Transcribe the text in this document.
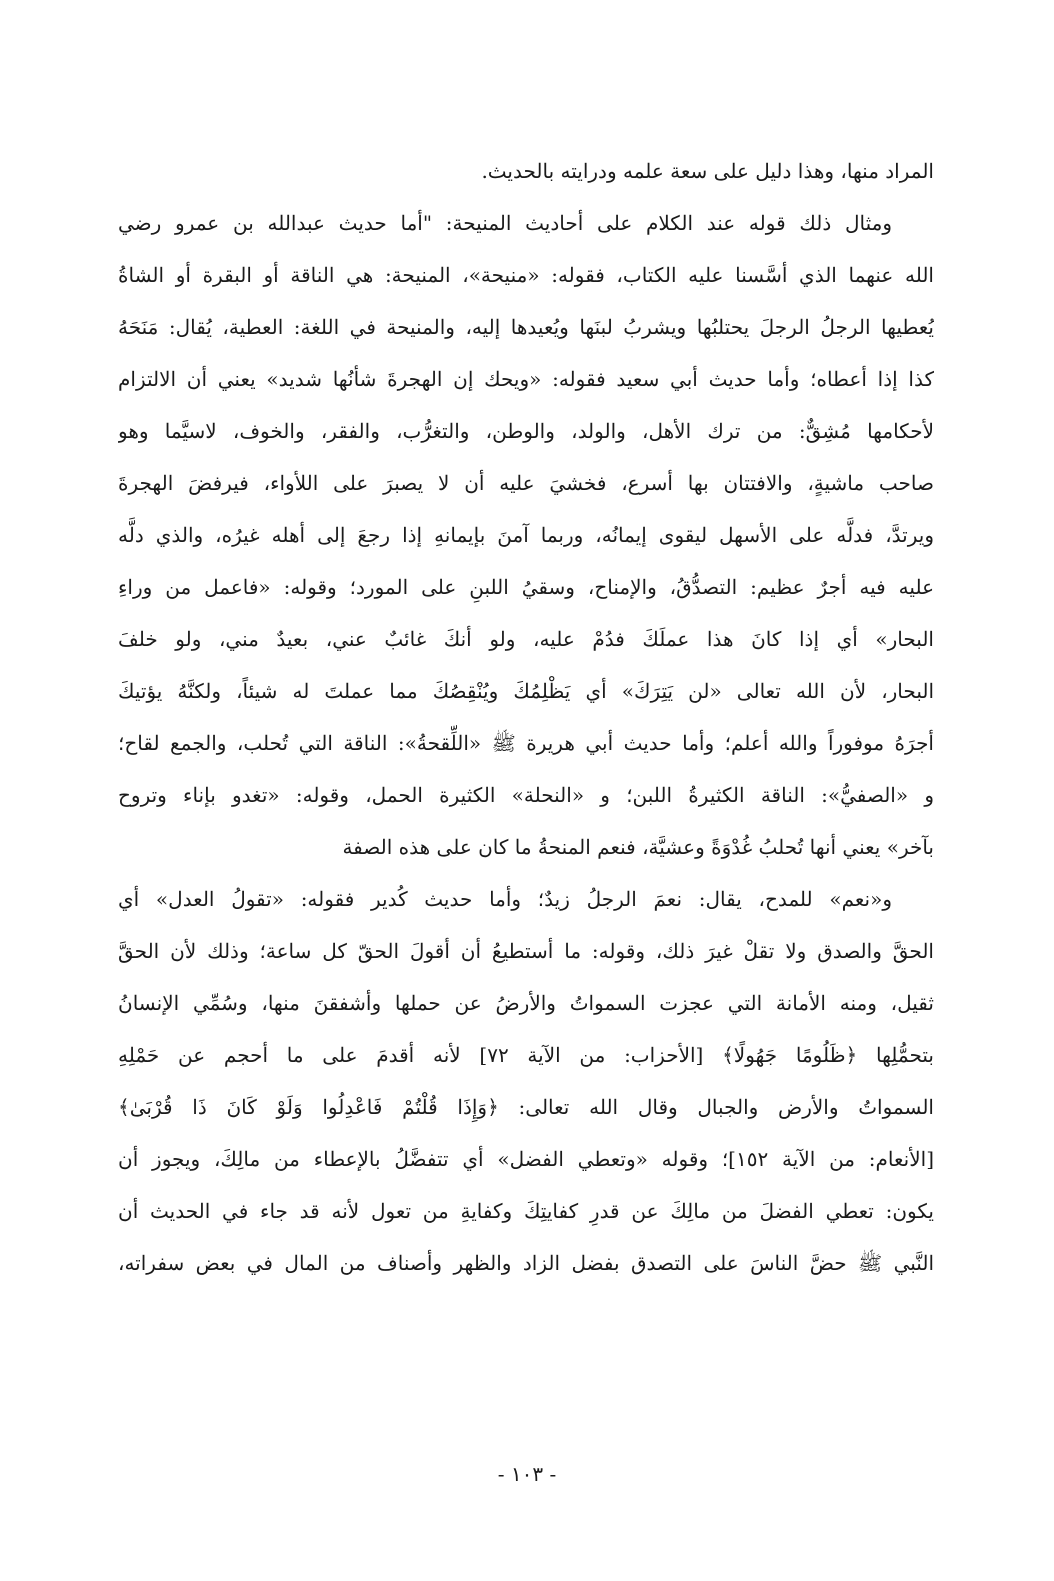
المراد منها، وهذا دليل على سعة علمه ودرايته بالحديث.
ومثال ذلك قوله عند الكلام على أحاديث المنيحة: "أما حديث عبدالله بن عمرو رضي
الله عنهما الذي أسَّسنا عليه الكتاب، فقوله: «منيحة»، المنيحة: هي الناقة أو البقرة أو الشاةُ
يُعطيها الرجلُ الرجلَ يحتلبُها ويشربُ لبنَها ويُعيدها إليه، والمنيحة في اللغة: العطية، يُقال: مَنَحَهُ
كذا إذا أعطاه؛ وأما حديث أبي سعيد فقوله: «ويحك إن الهجرةَ شأنُها شديد» يعني أن الالتزام
لأحكامها مُشِقٌّ: من ترك الأهل، والولد، والوطن، والتغرُّب، والفقر، والخوف، لاسيَّما وهو
صاحب ماشيةٍ، والافتتان بها أسرع، فخشيَ عليه أن لا يصبرَ على اللأواء، فيرفضَ الهجرةَ
ويرتدَّ، فدلَّه على الأسهل ليقوى إيمانُه، وربما آمنَ بإيمانهِ إذا رجعَ إلى أهله غيرُه، والذي دلَّه
عليه فيه أجرٌ عظيم: التصدُّقُ، والإمناح، وسقيُ اللبنِ على المورد؛ وقوله: «فاعمل من وراءِ
البحار» أي إذا كانَ هذا عملَكَ فدُمْ عليه، ولو أنكَ غائبٌ عني، بعيدٌ مني، ولو خلفَ
البحار، لأن الله تعالى «لن يَتِرَكَ» أي يَظْلِمُكَ ويُنْقِصُكَ مما عملتَ له شيئاً، ولكنَّهُ يؤتيكَ
أجرَهُ موفوراً والله أعلم؛ وأما حديث أبي هريرة ﷺ «اللِّقحةُ»: الناقة التي تُحلب، والجمع لقاح؛
و «الصفيُّ»: الناقة الكثيرةُ اللبن؛ و «النحلة» الكثيرة الحمل، وقوله: «تغدو بإناء وتروح
بآخر» يعني أنها تُحلبُ غُدْوَةً وعشيَّة، فنعم المنحةُ ما كان على هذه الصفة
و«نعم» للمدح، يقال: نعمَ الرجلُ زيدٌ؛ وأما حديث كُدير فقوله: «تقولُ العدل» أي
الحقَّ والصدق ولا تقلْ غيرَ ذلك، وقوله: ما أستطيعُ أن أقولَ الحقّ كل ساعة؛ وذلك لأن الحقَّ
ثقيل، ومنه الأمانة التي عجزت السمواتُ والأرضُ عن حملها وأشفقنَ منها، وسُمِّي الإنسانُ
بتحمُّلِها ﴿ظَلُومًا جَهُولًا﴾ [الأحزاب: من الآية ٧٢] لأنه أقدمَ على ما أحجم عن حَمْلِهِ
السمواتُ والأرض والجبال وقال الله تعالى: ﴿وَإِذَا قُلْتُمْ فَاعْدِلُوا وَلَوْ كَانَ ذَا قُرْبَىٰ﴾
[الأنعام: من الآية ١٥٢]؛ وقوله «وتعطي الفضل» أي تتفضَّلُ بالإعطاء من مالِكَ، ويجوز أن
يكون: تعطي الفضلَ من مالِكَ عن قدرِ كفايتِكَ وكفايةِ من تعول لأنه قد جاء في الحديث أن
النَّبي ﷺ حضَّ الناسَ على التصدق بفضل الزاد والظهر وأصناف من المال في بعض سفراته،
- ١٠٣ -
